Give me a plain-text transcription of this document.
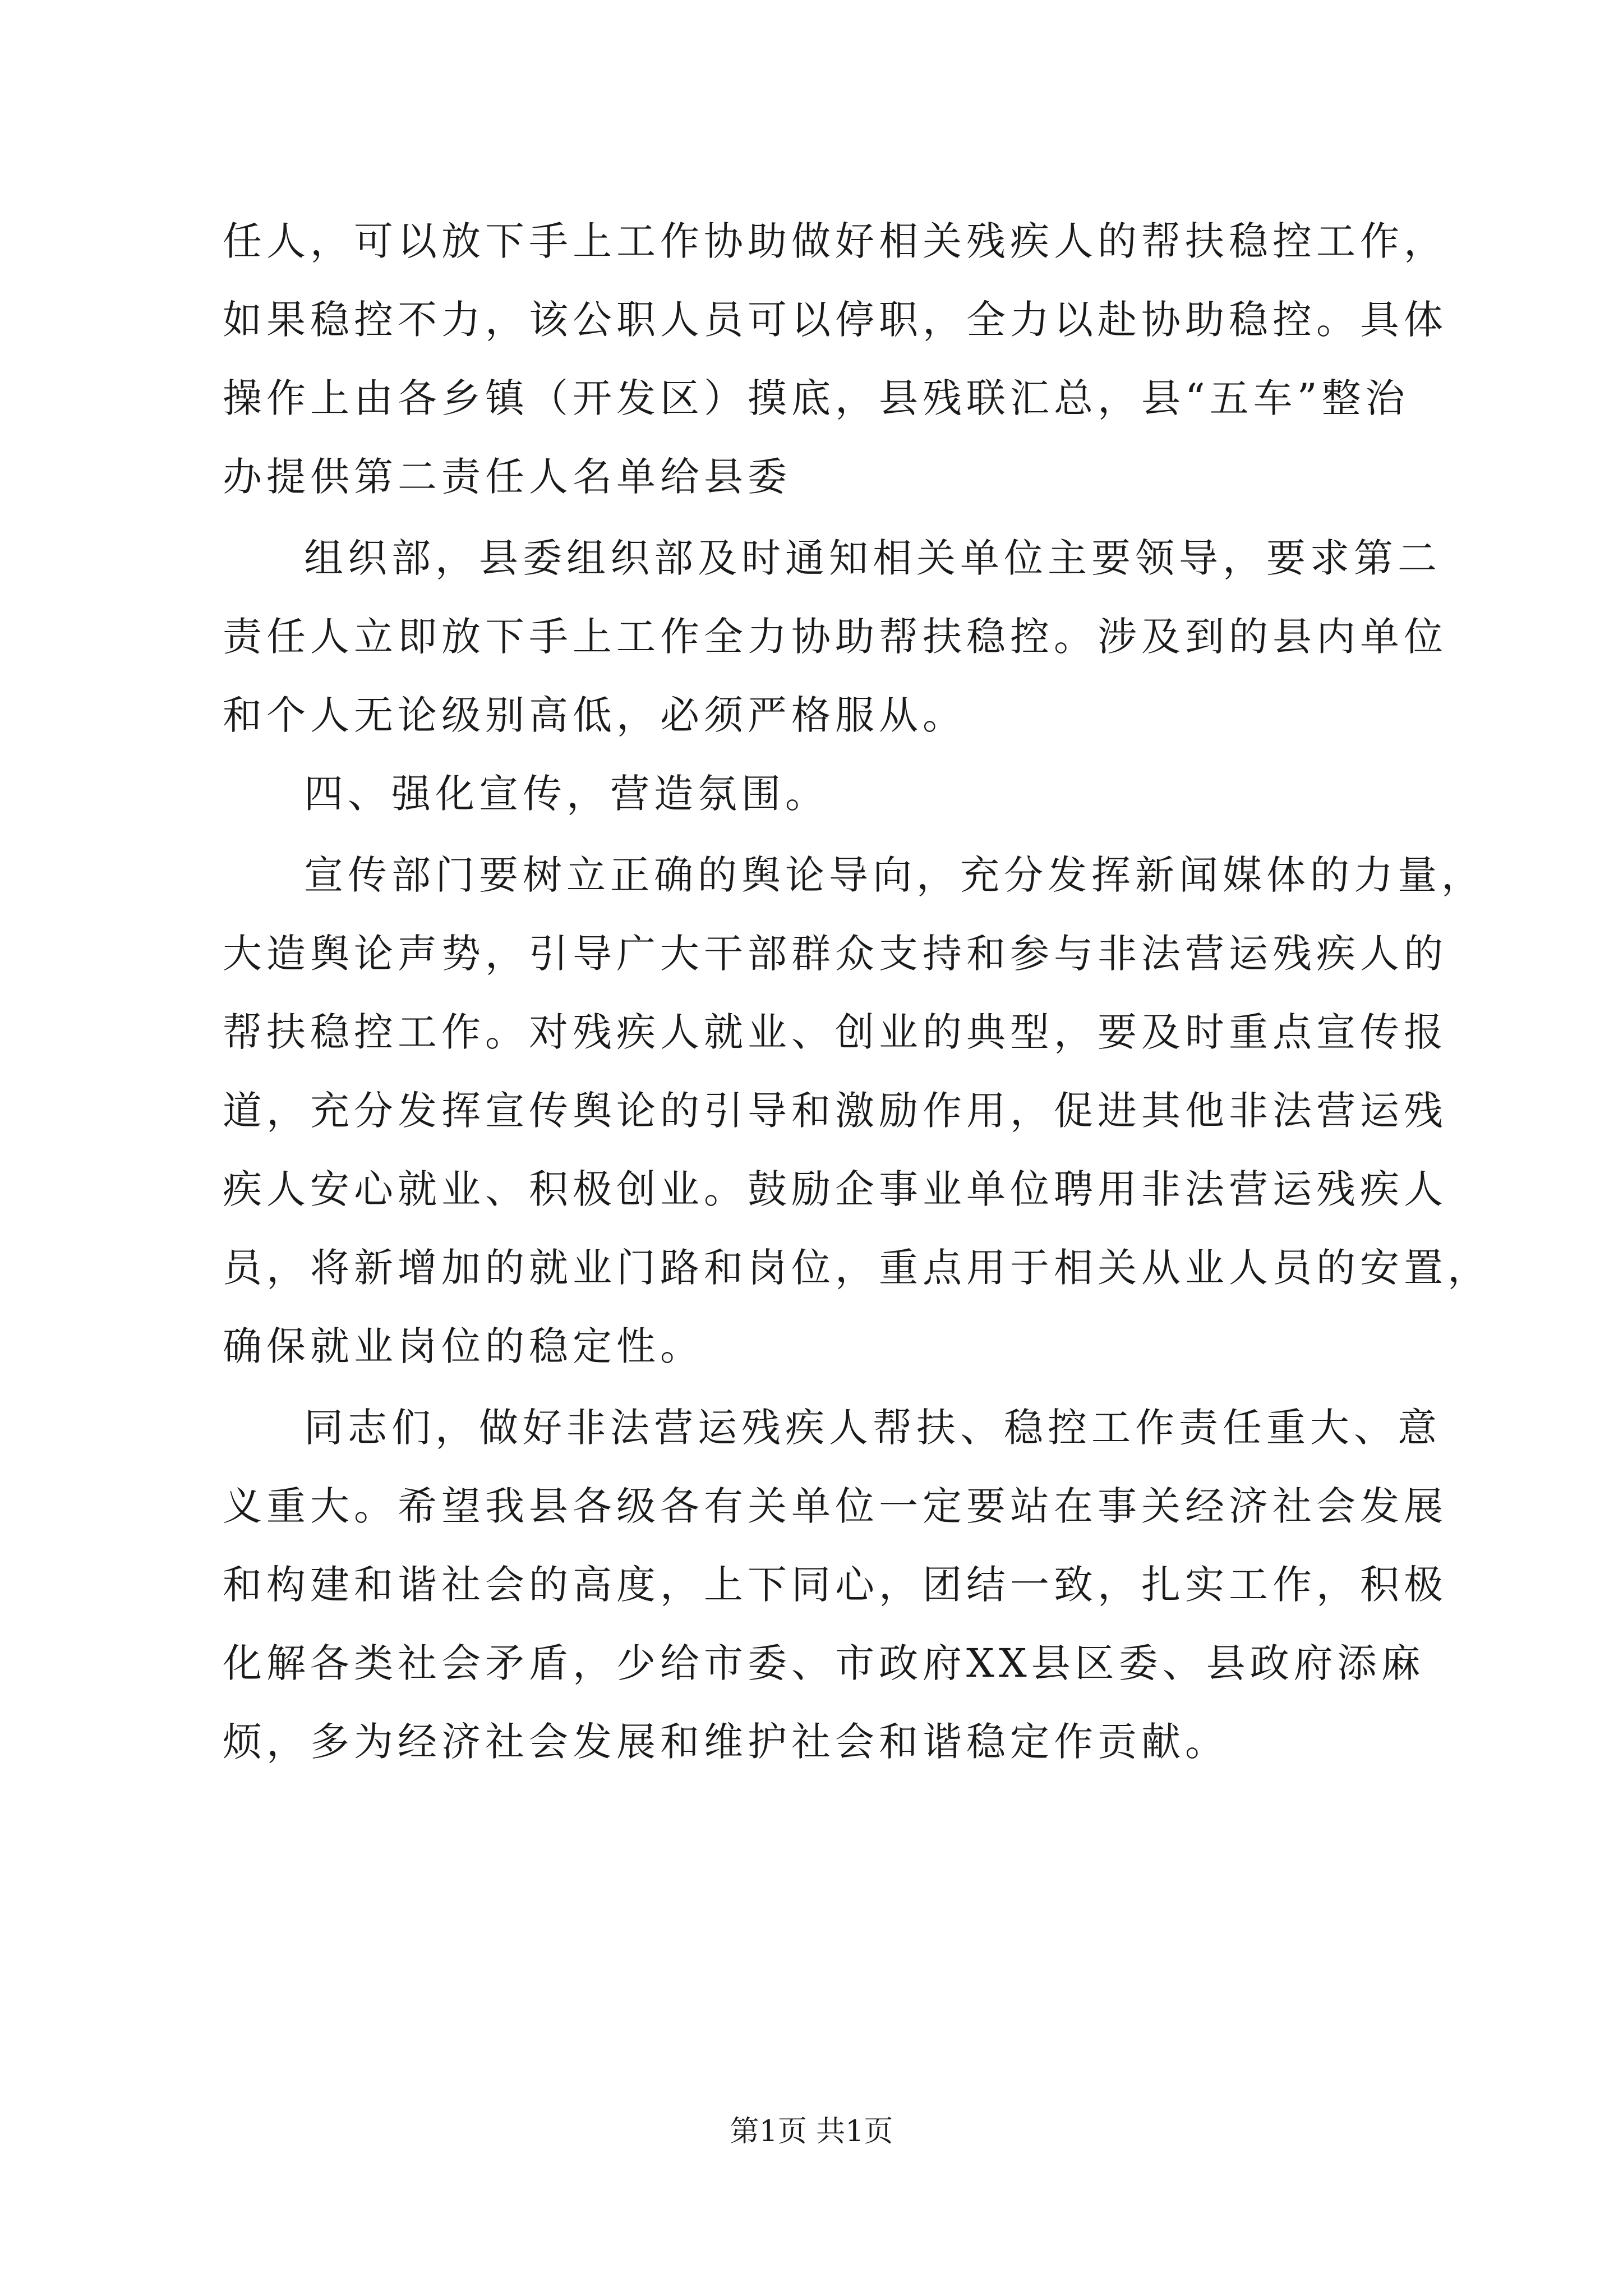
任人，可以放下手上工作协助做好相关残疾人的帮扶稳控工作，
如果稳控不力，该公职人员可以停职，全力以赴协助稳控。具体
操作上由各乡镇（开发区）摸底，县残联汇总，县“五车”整治
办提供第二责任人名单给县委
组织部，县委组织部及时通知相关单位主要领导，要求第二
责任人立即放下手上工作全力协助帮扶稳控。涉及到的县内单位
和个人无论级别高低，必须严格服从。
四、强化宣传，营造氛围。
宣传部门要树立正确的舆论导向，充分发挥新闻媒体的力量，
大造舆论声势，引导广大干部群众支持和参与非法营运残疾人的
帮扶稳控工作。对残疾人就业、创业的典型，要及时重点宣传报
道，充分发挥宣传舆论的引导和激励作用，促进其他非法营运残
疾人安心就业、积极创业。鼓励企事业单位聘用非法营运残疾人
员，将新增加的就业门路和岗位，重点用于相关从业人员的安置，
确保就业岗位的稳定性。
同志们，做好非法营运残疾人帮扶、稳控工作责任重大、意
义重大。希望我县各级各有关单位一定要站在事关经济社会发展
和构建和谐社会的高度，上下同心，团结一致，扎实工作，积极
化解各类社会矛盾，少给市委、市政府XX县区委、县政府添麻
烦，多为经济社会发展和维护社会和谐稳定作贡献。
第1页 共1页
